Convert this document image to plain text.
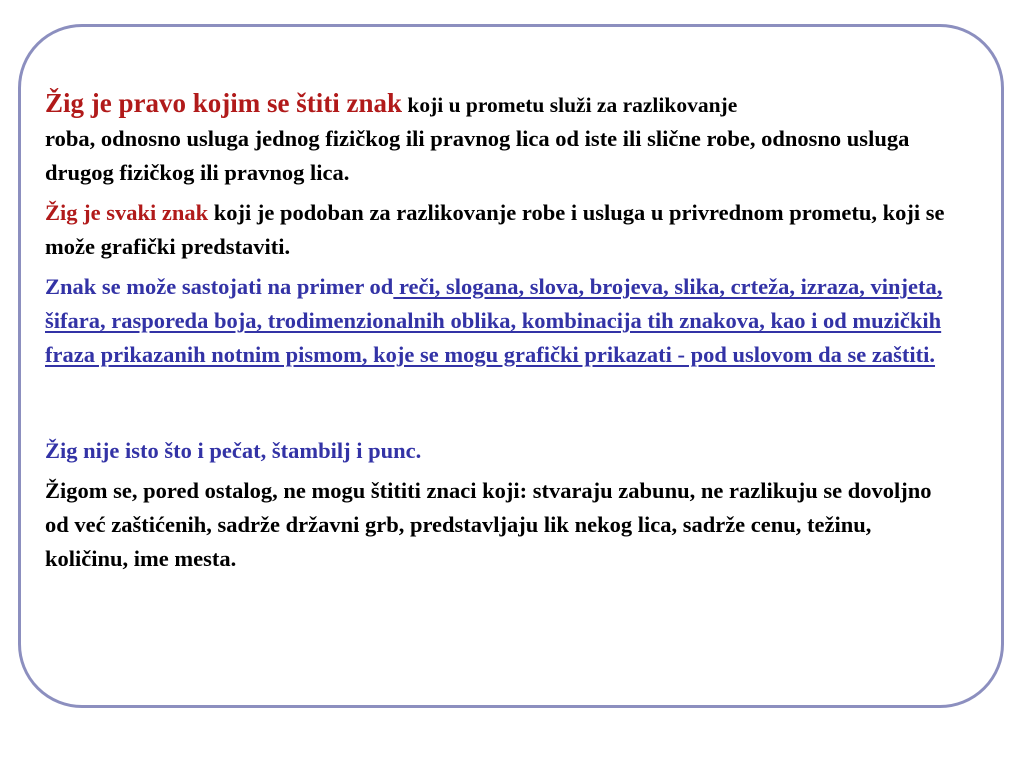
Žig je pravo kojim se štiti znak koji u prometu služi za razlikovanje
roba, odnosno usluga jednog fizičkog ili pravnog lica od iste ili slične robe, odnosno usluga drugog fizičkog ili pravnog lica.

Žig je svaki znak koji je podoban za razlikovanje robe i usluga u privrednom prometu, koji se može grafički predstaviti.

Znak se može sastojati na primer od reči, slogana, slova, brojeva, slika, crteža, izraza, vinjeta, šifara, rasporeda boja, trodimenzionalnih oblika, kombinacija tih znakova, kao i od muzičkih fraza prikazanih notnim pismom, koje se mogu grafički prikazati - pod uslovom da se zaštiti.

Žig nije isto što i pečat, štambilj i punc.

Žigom se, pored ostalog, ne mogu štititi znaci koji: stvaraju zabunu, ne razlikuju se dovoljno od već zaštićenih, sadrže državni grb, predstavljaju lik nekog lica, sadrže cenu, težinu, količinu, ime mesta.
